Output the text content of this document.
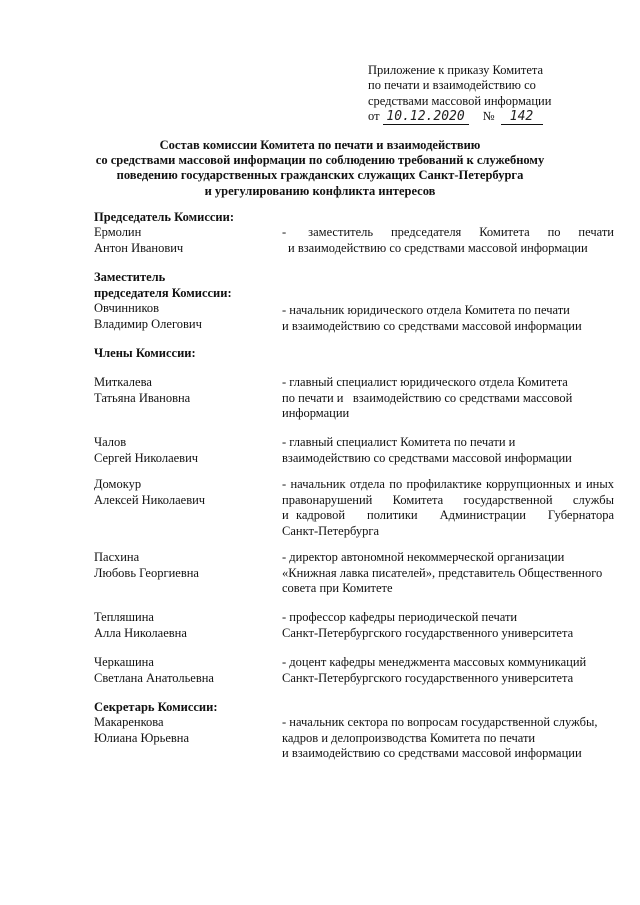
Приложение к приказу Комитета
по печати и взаимодействию со
средствами массовой информации
от 10.12.2020 № 142
Состав комиссии Комитета по печати и взаимодействию
со средствами массовой информации по соблюдению требований к служебному
поведению государственных гражданских служащих Санкт-Петербурга
и урегулированию конфликта интересов
Председатель Комиссии:
Ермолин
Антон Иванович
- заместитель председателя Комитета по печати
и взаимодействию со средствами массовой информации
Заместитель
председателя Комиссии:
Овчинников
Владимир Олегович
- начальник юридического отдела Комитета по печати
и взаимодействию со средствами массовой информации
Члены Комиссии:
Миткалева
Татьяна Ивановна
- главный специалист юридического отдела Комитета
по печати и   взаимодействию со средствами массовой
информации
Чалов
Сергей Николаевич
- главный специалист Комитета по печати и
взаимодействию со средствами массовой информации
Домокур
Алексей Николаевич
- начальник отдела по профилактике коррупционных и иных
правонарушений   Комитета   государственной   службы
и кадровой   политики   Администрации   Губернатора
Санкт-Петербурга
Пасхина
Любовь Георгиевна
- директор автономной некоммерческой организации
«Книжная лавка писателей», представитель Общественного
совета при Комитете
Тепляшина
Алла Николаевна
- профессор кафедры периодической печати
Санкт-Петербургского государственного университета
Черкашина
Светлана Анатольевна
- доцент кафедры менеджмента массовых коммуникаций
Санкт-Петербургского государственного университета
Секретарь Комиссии:
Макаренкова
Юлиана Юрьевна
- начальник сектора по вопросам государственной службы,
кадров и делопроизводства Комитета по печати
и взаимодействию со средствами массовой информации
